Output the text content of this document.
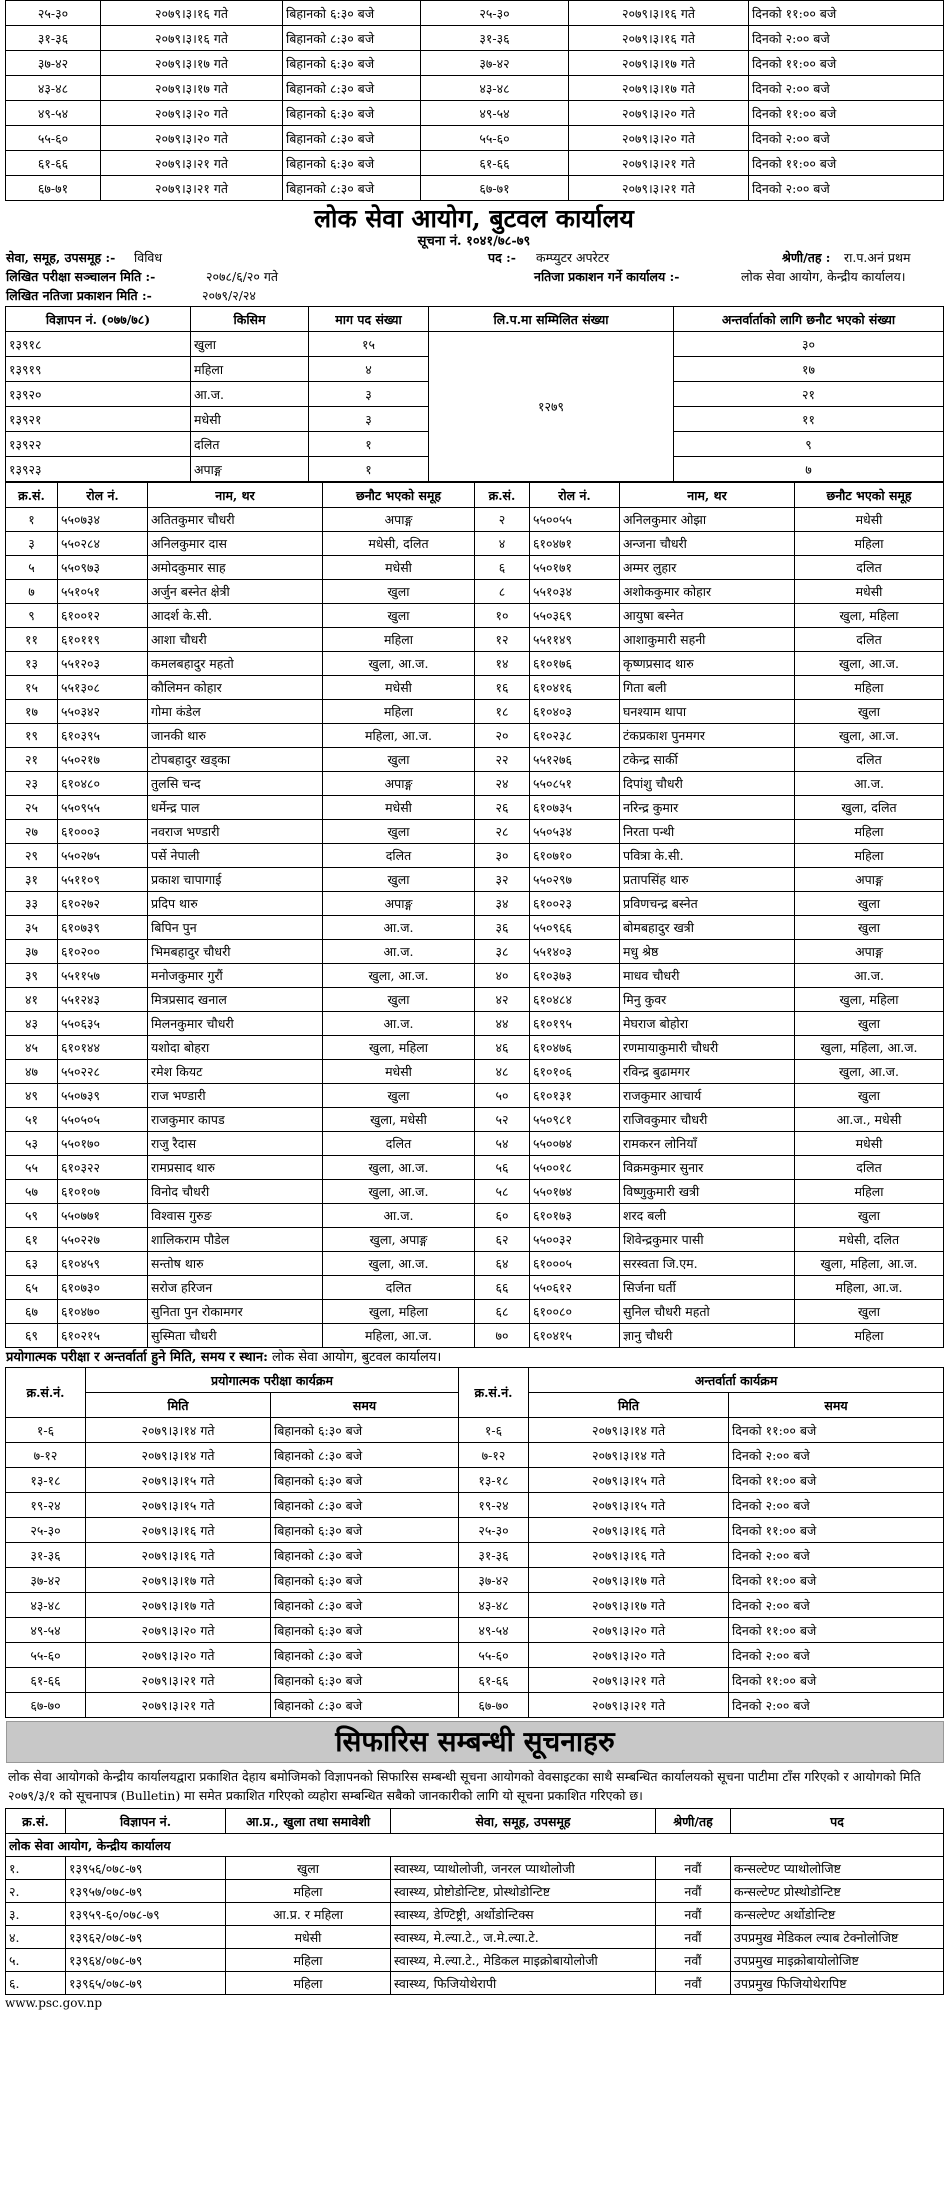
२५-३०	२०७९।३।१६ गते	बिहानको ६:३० बजे	२५-३०	२०७९।३।१६ गते	दिनको ११:०० बजे
३१-३६	२०७९।३।१६ गते	बिहानको ८:३० बजे	३१-३६	२०७९।३।१६ गते	दिनको २:०० बजे
३७-४२	२०७९।३।१७ गते	बिहानको ६:३० बजे	३७-४२	२०७९।३।१७ गते	दिनको ११:०० बजे
४३-४८	२०७९।३।१७ गते	बिहानको ८:३० बजे	४३-४८	२०७९।३।१७ गते	दिनको २:०० बजे
४९-५४	२०७९।३।२० गते	बिहानको ६:३० बजे	४९-५४	२०७९।३।२० गते	दिनको ११:०० बजे
५५-६०	२०७९।३।२० गते	बिहानको ८:३० बजे	५५-६०	२०७९।३।२० गते	दिनको २:०० बजे
६१-६६	२०७९।३।२१ गते	बिहानको ६:३० बजे	६१-६६	२०७९।३।२१ गते	दिनको ११:०० बजे
६७-७१	२०७९।३।२१ गते	बिहानको ८:३० बजे	६७-७१	२०७९।३।२१ गते	दिनको २:०० बजे
लोक सेवा आयोग, बुटवल कार्यालय
सूचना नं. १०४१/७८-७९
सेवा, समूह, उपसमूह :- विविध	पद :- कम्प्युटर अपरेटर	श्रेणी/तह : रा.प.अनं प्रथम
लिखित परीक्षा सञ्चालन मिति :-	२०७८/६/२० गते	नतिजा प्रकाशन गर्ने कार्यालय :-	लोक सेवा आयोग, केन्द्रीय कार्यालय।
लिखित नतिजा प्रकाशन मिति :-	२०७९/२/२४
विज्ञापन नं. (०७७/७८)	किसिम	माग पद संख्या	लि.प.मा सम्मिलित संख्या	अन्तर्वार्ताको लागि छनौट भएको संख्या
१३९१८	खुला	१५	१२७९	३०
१३९१९	महिला	४		१७
१३९२०	आ.ज.	३		२१
१३९२१	मधेसी	३		११
१३९२२	दलित	१		९
१३९२३	अपाङ्ग	१		७
क्र.सं.	रोल नं.	नाम, थर	छनौट भएको समूह	क्र.सं.	रोल नं.	नाम, थर	छनौट भएको समूह
१	५५०७३४	अतितकुमार चौधरी	अपाङ्ग	२	५५००५५	अनिलकुमार ओझा	मधेसी
३	५५०२८४	अनिलकुमार दास	मधेसी, दलित	४	६१०४७१	अन्जना चौधरी	महिला
५	५५०९७३	अमोदकुमार साह	मधेसी	६	५५०१७१	अम्मर लुहार	दलित
७	५५१०५१	अर्जुन बस्नेत क्षेत्री	खुला	८	५५१०३४	अशोककुमार कोहार	मधेसी
९	६१००१२	आदर्श के.सी.	खुला	१०	५५०३६९	आयुषा बस्नेत	खुला, महिला
११	६१०११९	आशा चौधरी	महिला	१२	५५११४९	आशाकुमारी सहनी	दलित
१३	५५१२०३	कमलबहादुर महतो	खुला, आ.ज.	१४	६१०१७६	कृष्णप्रसाद थारु	खुला, आ.ज.
१५	५५१३०८	कौलिमन कोहार	मधेसी	१६	६१०४१६	गिता बली	महिला
१७	५५०३४२	गोमा कंडेल	महिला	१८	६१०४०३	घनश्याम थापा	खुला
१९	६१०३९५	जानकी थारु	महिला, आ.ज.	२०	६१०२३८	टंकप्रकाश पुनमगर	खुला, आ.ज.
२१	५५०२१७	टोपबहादुर खड्का	खुला	२२	५५१२७६	टकेन्द्र सार्की	दलित
२३	६१०४८०	तुलसि चन्द	अपाङ्ग	२४	५५०८५१	दिपांशु चौधरी	आ.ज.
२५	५५०९५५	धर्मेन्द्र पाल	मधेसी	२६	६१०७३५	नरिन्द्र कुमार	खुला, दलित
२७	६१०००३	नवराज भण्डारी	खुला	२८	५५०५३४	निरता पन्थी	महिला
२९	५५०२७५	पर्से नेपाली	दलित	३०	६१०७१०	पवित्रा के.सी.	महिला
३१	५५११०९	प्रकाश चापागाई	खुला	३२	५५०२९७	प्रतापसिंह थारु	अपाङ्ग
३३	६१०२७२	प्रदिप थारु	अपाङ्ग	३४	६१००२३	प्रविणचन्द्र बस्नेत	खुला
३५	६१०७३९	बिपिन पुन	आ.ज.	३६	५५०९६६	बोमबहादुर खत्री	खुला
३७	६१०२००	भिमबहादुर चौधरी	आ.ज.	३८	५५१४०३	मधु श्रेष्ठ	अपाङ्ग
३९	५५११५७	मनोजकुमार गुरौं	खुला, आ.ज.	४०	६१०३७३	माधव चौधरी	आ.ज.
४१	५५१२४३	मित्रप्रसाद खनाल	खुला	४२	६१०४८४	मिनु कुवर	खुला, महिला
४३	५५०६३५	मिलनकुमार चौधरी	आ.ज.	४४	६१०१९५	मेघराज बोहोरा	खुला
४५	६१०१४४	यशोदा बोहरा	खुला, महिला	४६	६१०४७६	रणमायाकुमारी चौधरी	खुला, महिला, आ.ज.
४७	५५०२२८	रमेश कियट	मधेसी	४८	६१०१०६	रविन्द्र बुढामगर	खुला, आ.ज.
४९	५५०७३९	राज भण्डारी	खुला	५०	६१०१३१	राजकुमार आचार्य	खुला
५१	५५०५०५	राजकुमार कापड	खुला, मधेसी	५२	५५०९८१	राजिवकुमार चौधरी	आ.ज., मधेसी
५३	५५०१७०	राजु रैदास	दलित	५४	५५००७४	रामकरन लोनियाँ	मधेसी
५५	६१०३२२	रामप्रसाद थारु	खुला, आ.ज.	५६	५५००१८	विक्रमकुमार सुनार	दलित
५७	६१०१०७	विनोद चौधरी	खुला, आ.ज.	५८	५५०१७४	विष्णुकुमारी खत्री	महिला
५९	५५०७७१	विश्वास गुरुङ	आ.ज.	६०	६१०१७३	शरद बली	खुला
६१	५५०२२७	शालिकराम पौडेल	खुला, अपाङ्ग	६२	५५००३२	शिवेन्द्रकुमार पासी	मधेसी, दलित
६३	६१०४५९	सन्तोष थारु	खुला, आ.ज.	६४	६१०००५	सरस्वता जि.एम.	खुला, महिला, आ.ज.
६५	६१०७३०	सरोज हरिजन	दलित	६६	५५०६१२	सिर्जना घर्ती	महिला, आ.ज.
६७	६१०४७०	सुनिता पुन रोकामगर	खुला, महिला	६८	६१००८०	सुनिल चौधरी महतो	खुला
६९	६१०२१५	सुस्मिता चौधरी	महिला, आ.ज.	७०	६१०४१५	ज्ञानु चौधरी	महिला
प्रयोगात्मक परीक्षा र अन्तर्वार्ता हुने मिति, समय र स्थान: लोक सेवा आयोग, बुटवल कार्यालय।
क्र.सं.नं.	प्रयोगात्मक परीक्षा कार्यक्रम		क्र.सं.नं.	अन्तर्वार्ता कार्यक्रम	
	मिति	समय		मिति	समय
१-६	२०७९।३।१४ गते	बिहानको ६:३० बजे	१-६	२०७९।३।१४ गते	दिनको ११:०० बजे
७-१२	२०७९।३।१४ गते	बिहानको ८:३० बजे	७-१२	२०७९।३।१४ गते	दिनको २:०० बजे
१३-१८	२०७९।३।१५ गते	बिहानको ६:३० बजे	१३-१८	२०७९।३।१५ गते	दिनको ११:०० बजे
१९-२४	२०७९।३।१५ गते	बिहानको ८:३० बजे	१९-२४	२०७९।३।१५ गते	दिनको २:०० बजे
२५-३०	२०७९।३।१६ गते	बिहानको ६:३० बजे	२५-३०	२०७९।३।१६ गते	दिनको ११:०० बजे
३१-३६	२०७९।३।१६ गते	बिहानको ८:३० बजे	३१-३६	२०७९।३।१६ गते	दिनको २:०० बजे
३७-४२	२०७९।३।१७ गते	बिहानको ६:३० बजे	३७-४२	२०७९।३।१७ गते	दिनको ११:०० बजे
४३-४८	२०७९।३।१७ गते	बिहानको ८:३० बजे	४३-४८	२०७९।३।१७ गते	दिनको २:०० बजे
४९-५४	२०७९।३।२० गते	बिहानको ६:३० बजे	४९-५४	२०७९।३।२० गते	दिनको ११:०० बजे
५५-६०	२०७९।३।२० गते	बिहानको ८:३० बजे	५५-६०	२०७९।३।२० गते	दिनको २:०० बजे
६१-६६	२०७९।३।२१ गते	बिहानको ६:३० बजे	६१-६६	२०७९।३।२१ गते	दिनको ११:०० बजे
६७-७०	२०७९।३।२१ गते	बिहानको ८:३० बजे	६७-७०	२०७९।३।२१ गते	दिनको २:०० बजे
सिफारिस सम्बन्धी सूचनाहरु
लोक सेवा आयोगको केन्द्रीय कार्यालयद्वारा प्रकाशित देहाय बमोजिमको विज्ञापनको सिफारिस सम्बन्धी सूचना आयोगको वेवसाइटका साथै सम्बन्धित कार्यालयको सूचना पाटीमा टाँस गरिएको र आयोगको मिति २०७९/३/१ को सूचनापत्र (Bulletin) मा समेत प्रकाशित गरिएको व्यहोरा सम्बन्धित सबैको जानकारीको लागि यो सूचना प्रकाशित गरिएको छ।
क्र.सं.	विज्ञापन नं.	आ.प्र., खुला तथा समावेशी	सेवा, समूह, उपसमूह	श्रेणी/तह	पद
लोक सेवा आयोग, केन्द्रीय कार्यालय					
१.	१३९५६/०७८-७९	खुला	स्वास्थ्य, प्याथोलोजी, जनरल प्याथोलोजी	नवौं	कन्सल्टेण्ट प्याथोलोजिष्ट
२.	१३९५७/०७८-७९	महिला	स्वास्थ्य, प्रोष्टोडोन्टिष्ट, प्रोस्थोडोन्टिष्ट	नवौं	कन्सल्टेण्ट प्रोस्थोडोन्टिष्ट
३.	१३९५९-६०/०७८-७९	आ.प्र. र महिला	स्वास्थ्य, डेण्टिष्ट्री, अर्थोडोन्टिक्स	नवौं	कन्सल्टेण्ट अर्थोडोन्टिष्ट
४.	१३९६२/०७८-७९	मधेसी	स्वास्थ्य, मे.ल्या.टे., ज.मे.ल्या.टे.	नवौं	उपप्रमुख मेडिकल ल्याब टेक्नोलोजिष्ट
५.	१३९६४/०७८-७९	महिला	स्वास्थ्य, मे.ल्या.टे., मेडिकल माइक्रोबायोलोजी	नवौं	उपप्रमुख माइक्रोबायोलोजिष्ट
६.	१३९६५/०७८-७९	महिला	स्वास्थ्य, फिजियोथेरापी	नवौं	उपप्रमुख फिजियोथेरापिष्ट
www.psc.gov.np
